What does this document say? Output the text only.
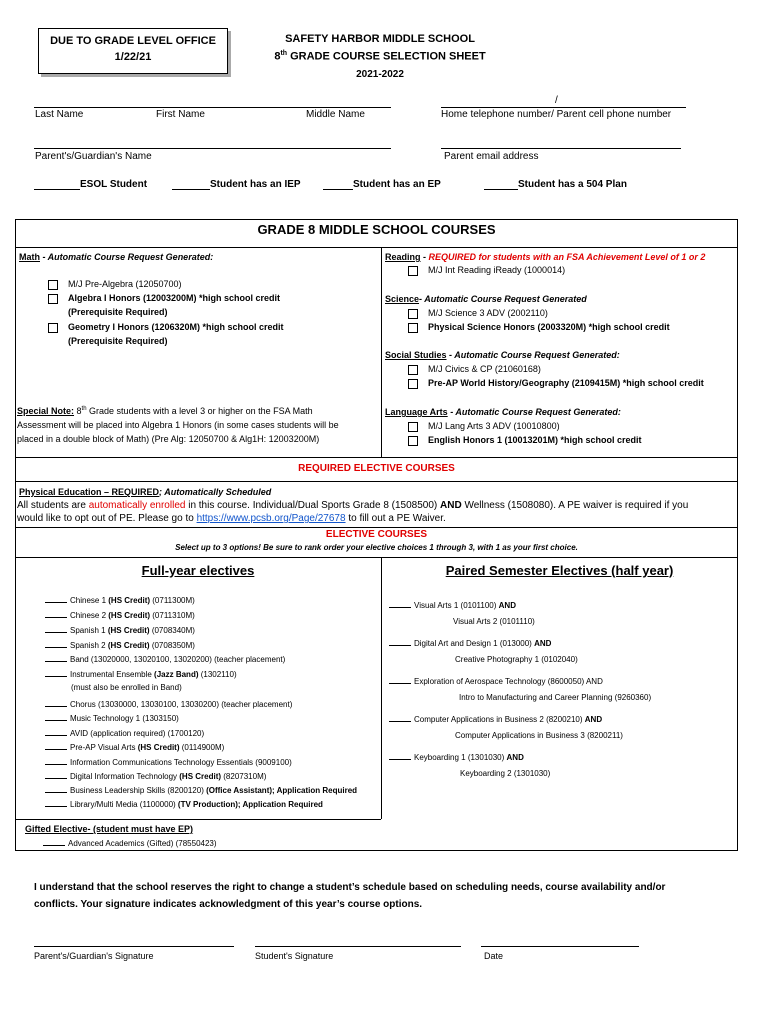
DUE TO GRADE LEVEL OFFICE
1/22/21
SAFETY HARBOR MIDDLE SCHOOL
8th GRADE COURSE SELECTION SHEET
2021-2022
Last Name	First Name	Middle Name
/
Home telephone number/ Parent cell phone number
Parent's/Guardian's Name	Parent email address
ESOL Student	Student has an IEP	Student has an EP	Student has a 504 Plan
GRADE 8 MIDDLE SCHOOL COURSES
Math - Automatic Course Request Generated:
M/J Pre-Algebra (12050700)
Algebra I Honors (12003200M) *high school credit
(Prerequisite Required)
Geometry I Honors (1206320M) *high school credit
(Prerequisite Required)
Special Note: 8th Grade students with a level 3 or higher on the FSA Math
Assessment will be placed into Algebra 1 Honors (in some cases students will be
placed in a double block of Math) (Pre Alg: 12050700 & Alg1H: 12003200M)
Reading - REQUIRED for students with an FSA Achievement Level of 1 or 2
M/J Int Reading iReady (1000014)
Science- Automatic Course Request Generated
M/J Science 3 ADV (2002110)
Physical Science Honors (2003320M) *high school credit
Social Studies - Automatic Course Request Generated:
M/J Civics & CP (21060168)
Pre-AP World History/Geography (2109415M) *high school credit
Language Arts - Automatic Course Request Generated:
M/J Lang Arts 3 ADV (10010800)
English Honors 1 (10013201M) *high school credit
REQUIRED ELECTIVE COURSES
Physical Education – REQUIRED; Automatically Scheduled
All students are automatically enrolled in this course. Individual/Dual Sports Grade 8 (1508500) AND Wellness (1508080). A PE waiver is required if you
would like to opt out of PE. Please go to https://www.pcsb.org/Page/27678 to fill out a PE Waiver.
ELECTIVE COURSES
Select up to 3 options! Be sure to rank order your elective choices 1 through 3, with 1 as your first choice.
Full-year electives	Paired Semester Electives (half year)
Chinese 1 (HS Credit) (0711300M)
Chinese 2 (HS Credit) (0711310M)
Spanish 1 (HS Credit) (0708340M)
Spanish 2 (HS Credit) (0708350M)
Band (13020000, 13020100, 13020200) (teacher placement)
Instrumental Ensemble (Jazz Band) (1302110)
Chorus (13030000, 13030100, 13030200) (teacher placement)
Music Technology 1 (1303150)
AVID (application required) (1700120)
Pre-AP Visual Arts (HS Credit) (0114900M)
Information Communications Technology Essentials (9009100)
Digital Information Technology (HS Credit) (8207310M)
Business Leadership Skills (8200120) (Office Assistant); Application Required
Library/Multi Media (1100000) (TV Production); Application Required
Visual Arts 1 (0101100) AND
Visual Arts 2 (0101110)
Digital Art and Design 1 (013000) AND
Creative Photography 1 (0102040)
Exploration of Aerospace Technology (8600050) AND
Intro to Manufacturing and Career Planning (9260360)
Computer Applications in Business 2 (8200210) AND
Computer Applications in Business 3 (8200211)
Keyboarding 1 (1301030) AND
Keyboarding 2 (1301030)
(must also be enrolled in Band)
Gifted Elective- (student must have EP)
Advanced Academics (Gifted) (78550423)
I understand that the school reserves the right to change a student’s schedule based on scheduling needs, course availability and/or
conflicts. Your signature indicates acknowledgment of this year’s course options.
Parent's/Guardian's Signature	Student's Signature	Date
